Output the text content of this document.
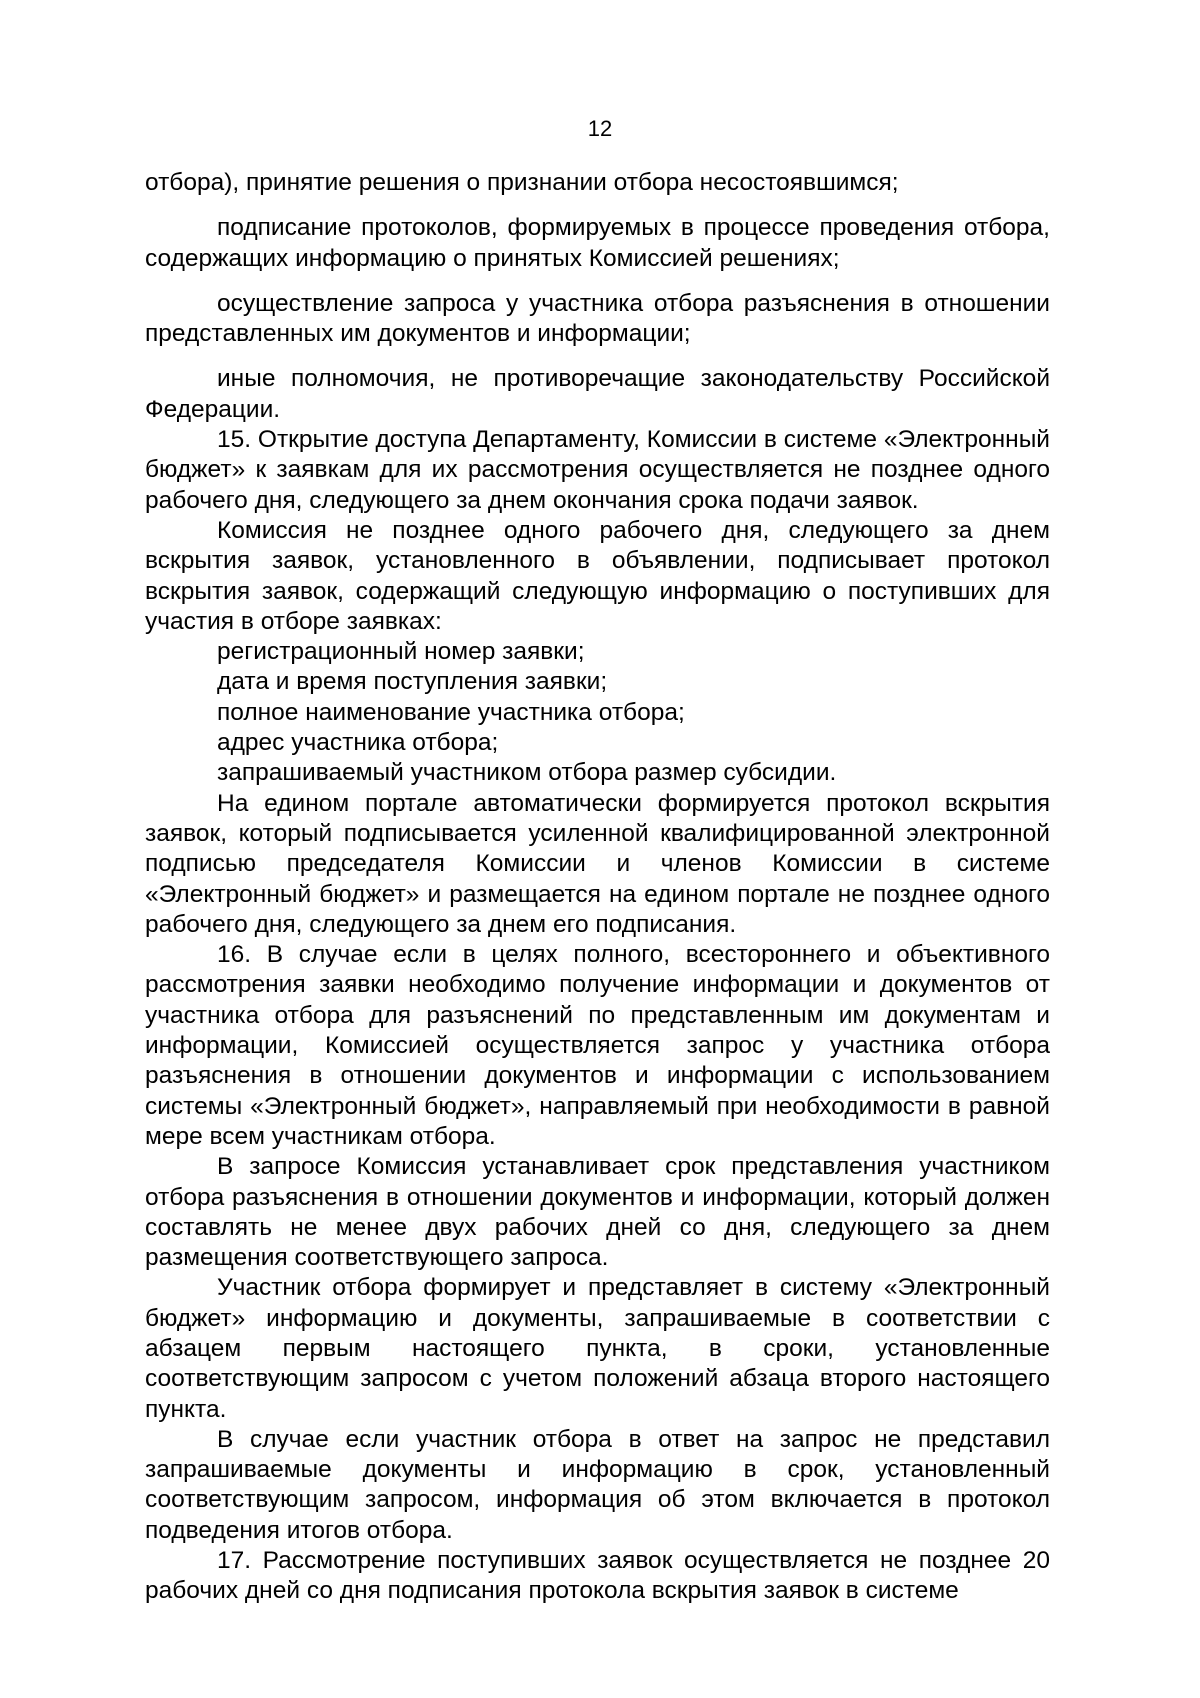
12

отбора), принятие решения о признании отбора несостоявшимся;

подписание протоколов, формируемых в процессе проведения отбора, содержащих информацию о принятых Комиссией решениях;

осуществление запроса у участника отбора разъяснения в отношении представленных им документов и информации;

иные полномочия, не противоречащие законодательству Российской Федерации.

15. Открытие доступа Департаменту, Комиссии в системе «Электронный бюджет» к заявкам для их рассмотрения осуществляется не позднее одного рабочего дня, следующего за днем окончания срока подачи заявок.

Комиссия не позднее одного рабочего дня, следующего за днем вскрытия заявок, установленного в объявлении, подписывает протокол вскрытия заявок, содержащий следующую информацию о поступивших для участия в отборе заявках:

регистрационный номер заявки;

дата и время поступления заявки;

полное наименование участника отбора;

адрес участника отбора;

запрашиваемый участником отбора размер субсидии.

На едином портале автоматически формируется протокол вскрытия заявок, который подписывается усиленной квалифицированной электронной подписью председателя Комиссии и членов Комиссии в системе «Электронный бюджет» и размещается на едином портале не позднее одного рабочего дня, следующего за днем его подписания.

16. В случае если в целях полного, всестороннего и объективного рассмотрения заявки необходимо получение информации и документов от участника отбора для разъяснений по представленным им документам и информации, Комиссией осуществляется запрос у участника отбора разъяснения в отношении документов и информации с использованием системы «Электронный бюджет», направляемый при необходимости в равной мере всем участникам отбора.

В запросе Комиссия устанавливает срок представления участником отбора разъяснения в отношении документов и информации, который должен составлять не менее двух рабочих дней со дня, следующего за днем размещения соответствующего запроса.

Участник отбора формирует и представляет в систему «Электронный бюджет» информацию и документы, запрашиваемые в соответствии с абзацем первым настоящего пункта, в сроки, установленные соответствующим запросом с учетом положений абзаца второго настоящего пункта.

В случае если участник отбора в ответ на запрос не представил запрашиваемые документы и информацию в срок, установленный соответствующим запросом, информация об этом включается в протокол подведения итогов отбора.

17. Рассмотрение поступивших заявок осуществляется не позднее 20 рабочих дней со дня подписания протокола вскрытия заявок в системе
